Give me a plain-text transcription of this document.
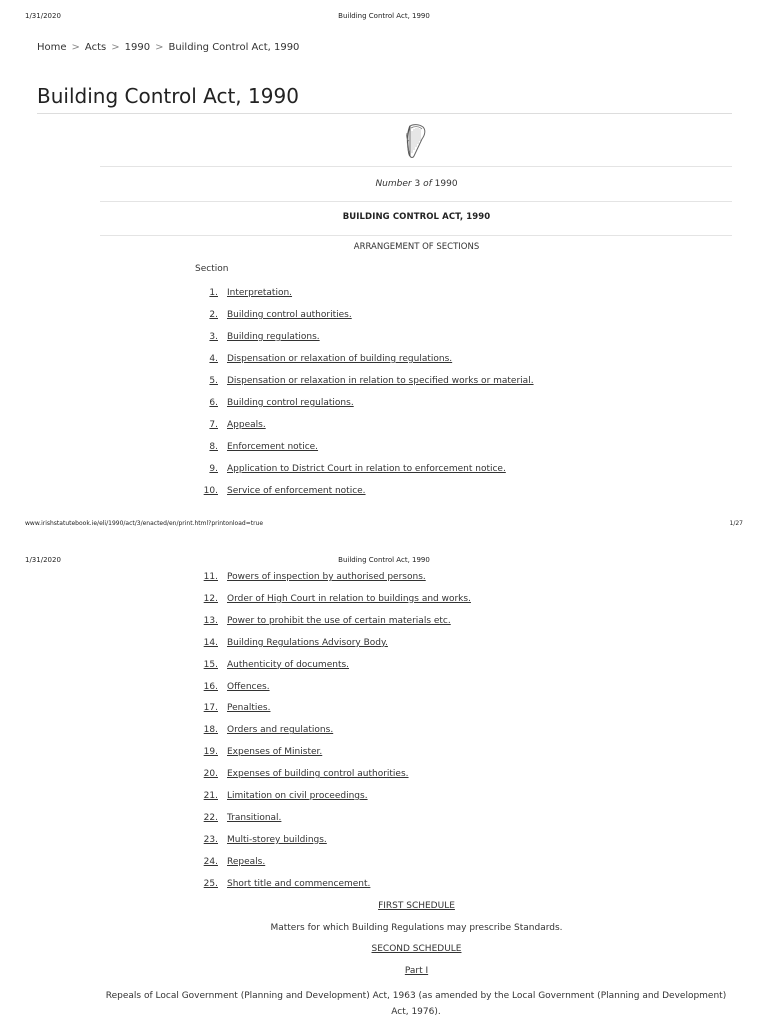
1/31/2020	Building Control Act, 1990
Home > Acts > 1990 > Building Control Act, 1990
Building Control Act, 1990
Number 3 of 1990
BUILDING CONTROL ACT, 1990
ARRANGEMENT OF SECTIONS
Section
1. Interpretation.
2. Building control authorities.
3. Building regulations.
4. Dispensation or relaxation of building regulations.
5. Dispensation or relaxation in relation to specified works or material.
6. Building control regulations.
7. Appeals.
8. Enforcement notice.
9. Application to District Court in relation to enforcement notice.
10. Service of enforcement notice.
www.irishstatutebook.ie/eli/1990/act/3/enacted/en/print.html?printonload=true	1/27
1/31/2020	Building Control Act, 1990
11. Powers of inspection by authorised persons.
12. Order of High Court in relation to buildings and works.
13. Power to prohibit the use of certain materials etc.
14. Building Regulations Advisory Body.
15. Authenticity of documents.
16. Offences.
17. Penalties.
18. Orders and regulations.
19. Expenses of Minister.
20. Expenses of building control authorities.
21. Limitation on civil proceedings.
22. Transitional.
23. Multi-storey buildings.
24. Repeals.
25. Short title and commencement.
FIRST SCHEDULE
Matters for which Building Regulations may prescribe Standards.
SECOND SCHEDULE
Part I
Repeals of Local Government (Planning and Development) Act, 1963 (as amended by the Local Government (Planning and Development) Act, 1976).
